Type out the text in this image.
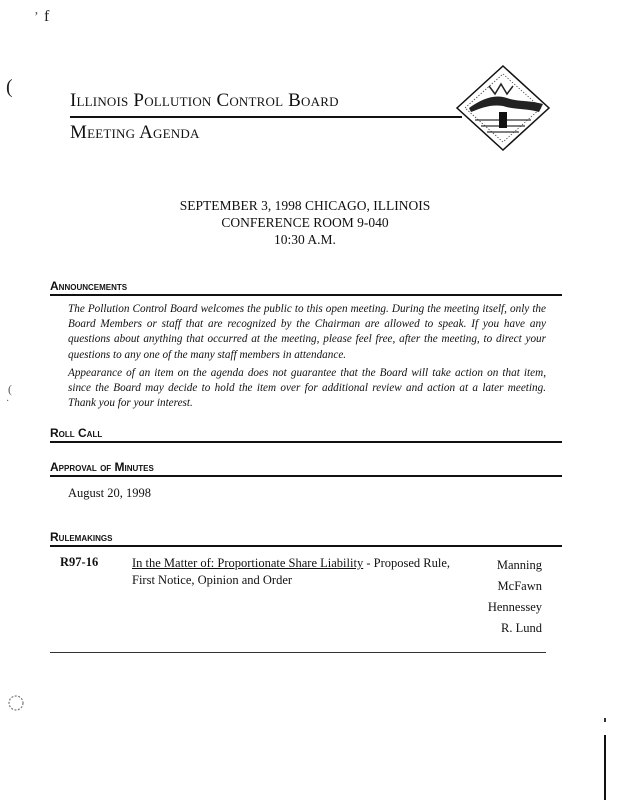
ʼ f
(
(
·
Illinois Pollution Control Board
Meeting Agenda
SEPTEMBER 3, 1998 CHICAGO, ILLINOIS
CONFERENCE ROOM 9-040
10:30 A.M.
Announcements
The Pollution Control Board welcomes the public to this open meeting. During the meeting itself, only the Board Members or staff that are recognized by the Chairman are allowed to speak. If you have any questions about anything that occurred at the meeting, please feel free, after the meeting, to direct your questions to any one of the many staff members in attendance.
Appearance of an item on the agenda does not guarantee that the Board will take action on that item, since the Board may decide to hold the item over for additional review and action at a later meeting. Thank you for your interest.
Roll Call
Approval of Minutes
August 20, 1998
Rulemakings
R97-16	In the Matter of: Proportionate Share Liability - Proposed Rule, First Notice, Opinion and Order
Manning
McFawn
Hennessey
R. Lund
